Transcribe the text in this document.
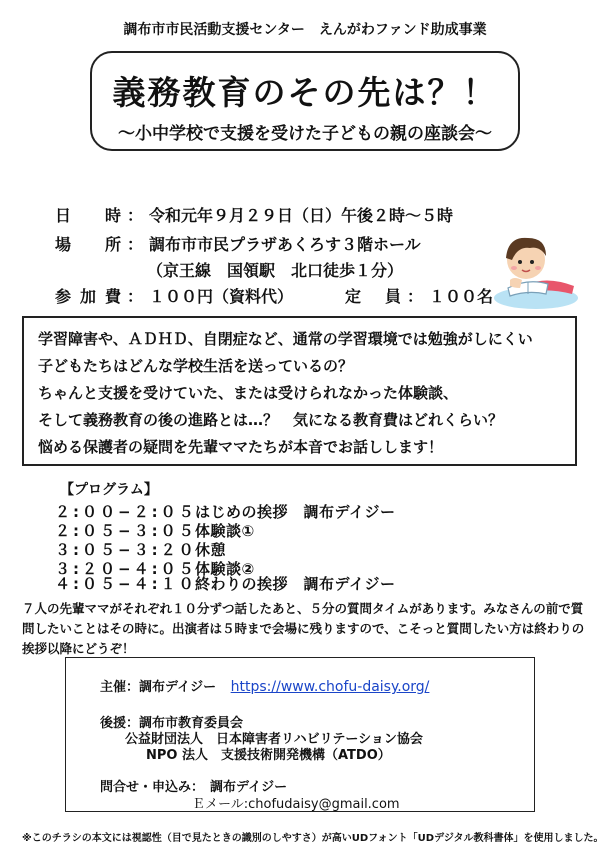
調布市市民活動支援センター　えんがわファンド助成事業
義務教育のその先は？！
～小中学校で支援を受けた子どもの親の座談会～
日時 ： 令和元年９月２９日（日）午後２時～５時
場所 ： 調布市市民プラザあくろす３階ホール
（京王線　国領駅　北口徒歩１分）
参加費 ： １００円（資料代）	定員 ： １００名
学習障害や、ＡＤＨＤ、自閉症など、通常の学習環境では勉強がしにくい
子どもたちはどんな学校生活を送っているの？
ちゃんと支援を受けていた、または受けられなかった体験談、
そして義務教育の後の進路とは…？　気になる教育費はどれくらい？
悩める保護者の疑問を先輩ママたちが本音でお話しします！
【プログラム】
２:００−２:０５はじめの挨拶　調布デイジー
２:０５−３:０５体験談①
３:０５−３:２０休憩
３:２０−４:０５体験談②
４:０５−４:１０終わりの挨拶　調布デイジー
７人の先輩ママがそれぞれ１０分ずつ話したあと、５分の質問タイムがあります。みなさんの前で質問したいことはその時に。出演者は５時まで会場に残りますので、こそっと質問したい方は終わりの挨拶以降にどうぞ！
主催：調布デイジー https://www.chofu-daisy.org/
後援：調布市教育委員会
公益財団法人　日本障害者リハビリテーション協会
NPO 法人　支援技術開発機構（ATDO）
問合せ・申込み： 調布デイジー
Ｅメール:chofudaisy@gmail.com
※このチラシの本文には視認性（目で見たときの識別のしやすさ）が高いUDフォント「UDデジタル教科書体」を使用しました。
